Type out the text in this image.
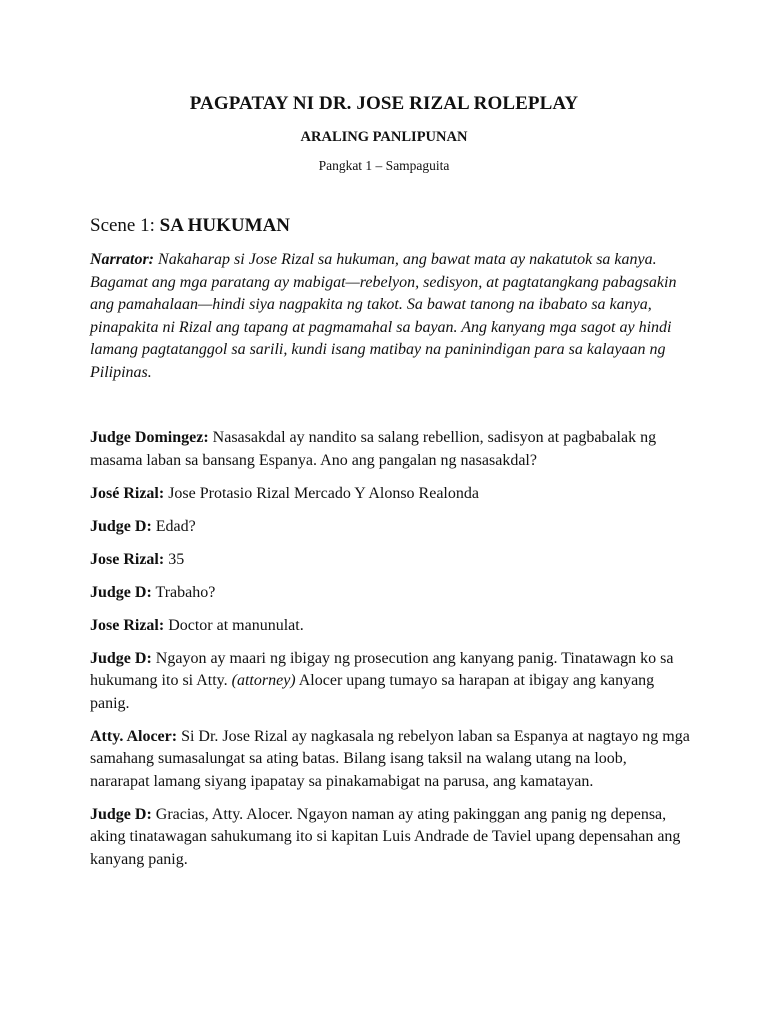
PAGPATAY NI DR. JOSE RIZAL ROLEPLAY
ARALING PANLIPUNAN

Pangkat 1 – Sampaguita

Scene 1: SA HUKUMAN

Narrator: Nakaharap si Jose Rizal sa hukuman, ang bawat mata ay nakatutok sa kanya. Bagamat ang mga paratang ay mabigat—rebelyon, sedisyon, at pagtatangkang pabagsakin ang pamahalaan—hindi siya nagpakita ng takot. Sa bawat tanong na ibabato sa kanya, pinapakita ni Rizal ang tapang at pagmamahal sa bayan. Ang kanyang mga sagot ay hindi lamang pagtatanggol sa sarili, kundi isang matibay na paninindigan para sa kalayaan ng Pilipinas.

Judge Domingez: Nasasakdal ay nandito sa salang rebellion, sadisyon at pagbabalak ng masama laban sa bansang Espanya. Ano ang pangalan ng nasasakdal?

José Rizal: Jose Protasio Rizal Mercado Y Alonso Realonda

Judge D: Edad?

Jose Rizal: 35

Judge D: Trabaho?

Jose Rizal: Doctor at manunulat.

Judge D: Ngayon ay maari ng ibigay ng prosecution ang kanyang panig. Tinatawagn ko sa hukumang ito si Atty. (attorney) Alocer upang tumayo sa harapan at ibigay ang kanyang panig.

Atty. Alocer: Si Dr. Jose Rizal ay nagkasala ng rebelyon laban sa Espanya at nagtayo ng mga samahang sumasalungat sa ating batas. Bilang isang taksil na walang utang na loob, nararapat lamang siyang ipapatay sa pinakamabigat na parusa, ang kamatayan.

Judge D: Gracias, Atty. Alocer. Ngayon naman ay ating pakinggan ang panig ng depensa, aking tinatawagan sahukumang ito si kapitan Luis Andrade de Taviel upang depensahan ang kanyang panig.
